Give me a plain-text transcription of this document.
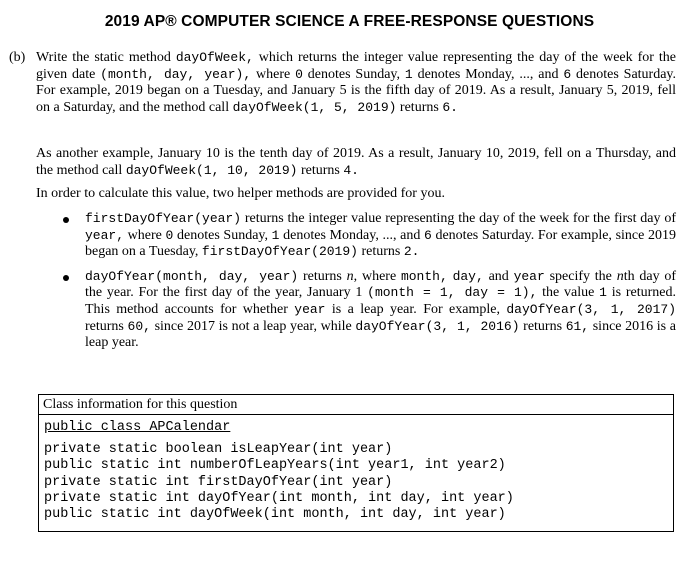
2019 AP® COMPUTER SCIENCE A FREE-RESPONSE QUESTIONS
(b) Write the static method dayOfWeek, which returns the integer value representing the day of the week for the given date (month, day, year), where 0 denotes Sunday, 1 denotes Monday, ..., and 6 denotes Saturday. For example, 2019 began on a Tuesday, and January 5 is the fifth day of 2019. As a result, January 5, 2019, fell on a Saturday, and the method call dayOfWeek(1, 5, 2019) returns 6.
As another example, January 10 is the tenth day of 2019. As a result, January 10, 2019, fell on a Thursday, and the method call dayOfWeek(1, 10, 2019) returns 4.
In order to calculate this value, two helper methods are provided for you.
firstDayOfYear(year) returns the integer value representing the day of the week for the first day of year, where 0 denotes Sunday, 1 denotes Monday, ..., and 6 denotes Saturday. For example, since 2019 began on a Tuesday, firstDayOfYear(2019) returns 2.
dayOfYear(month, day, year) returns n, where month, day, and year specify the nth day of the year. For the first day of the year, January 1 (month = 1, day = 1), the value 1 is returned. This method accounts for whether year is a leap year. For example, dayOfYear(3, 1, 2017) returns 60, since 2017 is not a leap year, while dayOfYear(3, 1, 2016) returns 61, since 2016 is a leap year.
Class information for this question
public class APCalendar
private static boolean isLeapYear(int year)
public static int numberOfLeapYears(int year1, int year2)
private static int firstDayOfYear(int year)
private static int dayOfYear(int month, int day, int year)
public static int dayOfWeek(int month, int day, int year)
